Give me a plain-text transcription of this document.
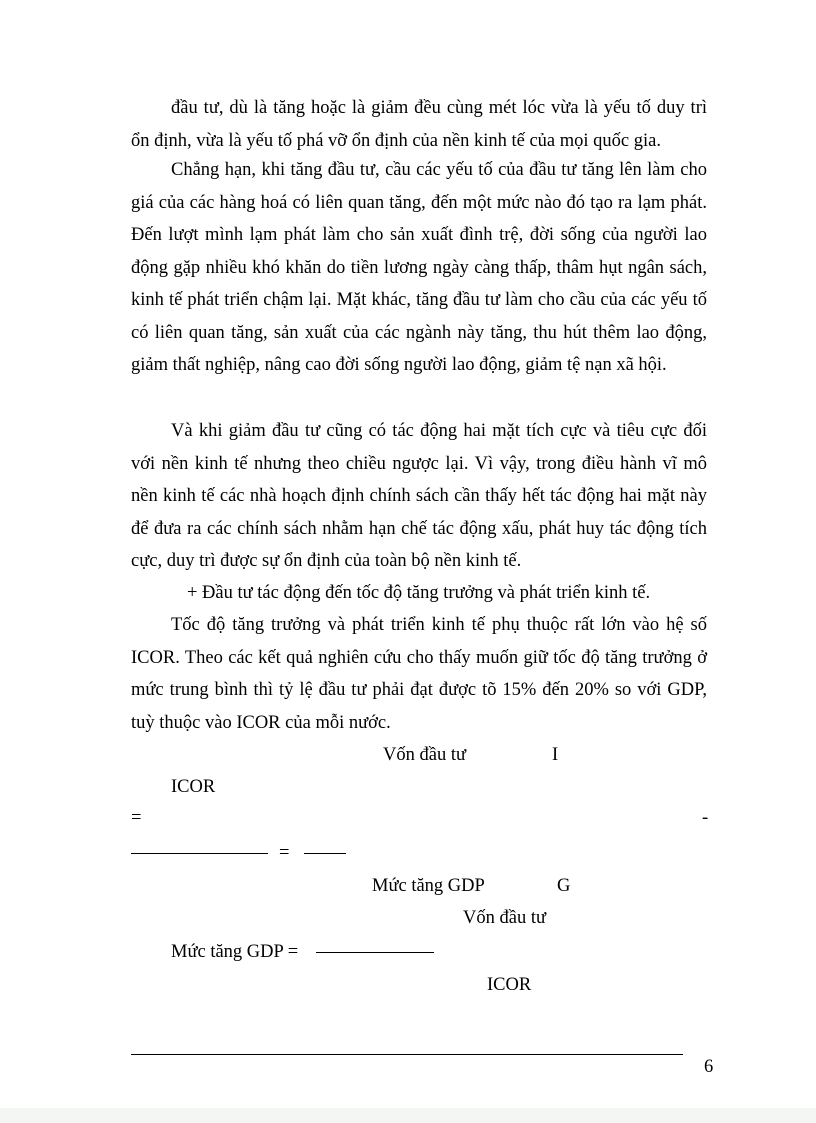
đầu tư, dù là tăng hoặc là giảm đều cùng mét lóc vừa là yếu tố duy trì ổn định, vừa là yếu tố phá vỡ ổn định của nền kinh tế của mọi quốc gia.

Chẳng hạn, khi tăng đầu tư, cầu các yếu tố của đầu tư tăng lên làm cho giá của các hàng hoá có liên quan tăng, đến một mức nào đó tạo ra lạm phát. Đến lượt mình lạm phát làm cho sản xuất đình trệ, đời sống của người lao động gặp nhiều khó khăn do tiền lương ngày càng thấp, thâm hụt ngân sách, kinh tế phát triển chậm lại. Mặt khác, tăng đầu tư làm cho cầu của các yếu tố có liên quan tăng, sản xuất của các ngành này tăng, thu hút thêm lao động, giảm thất nghiệp, nâng cao đời sống người lao động, giảm tệ nạn xã hội.

Và khi giảm đầu tư cũng có tác động hai mặt tích cực và tiêu cực đối với nền kinh tế nhưng theo chiều ngược lại. Vì vậy, trong điều hành vĩ mô nền kinh tế các nhà hoạch định chính sách cần thấy hết tác động hai mặt này để đưa ra các chính sách nhằm hạn chế tác động xấu, phát huy tác động tích cực, duy trì được sự ổn định của toàn bộ nền kinh tế.

+ Đầu tư tác động đến tốc độ tăng trưởng và phát triển kinh tế.

Tốc độ tăng trưởng và phát triển kinh tế phụ thuộc rất lớn vào hệ số ICOR. Theo các kết quả nghiên cứu cho thấy muốn giữ tốc độ tăng trưởng ở mức trung bình thì tỷ lệ đầu tư phải đạt được tõ 15% đến 20% so với GDP, tuỳ thuộc vào ICOR của mỗi nước.

Vốn đầu tư	I
ICOR
=	-
=
Mức tăng GDP	G
Vốn đầu tư
Mức tăng GDP =
ICOR
6
